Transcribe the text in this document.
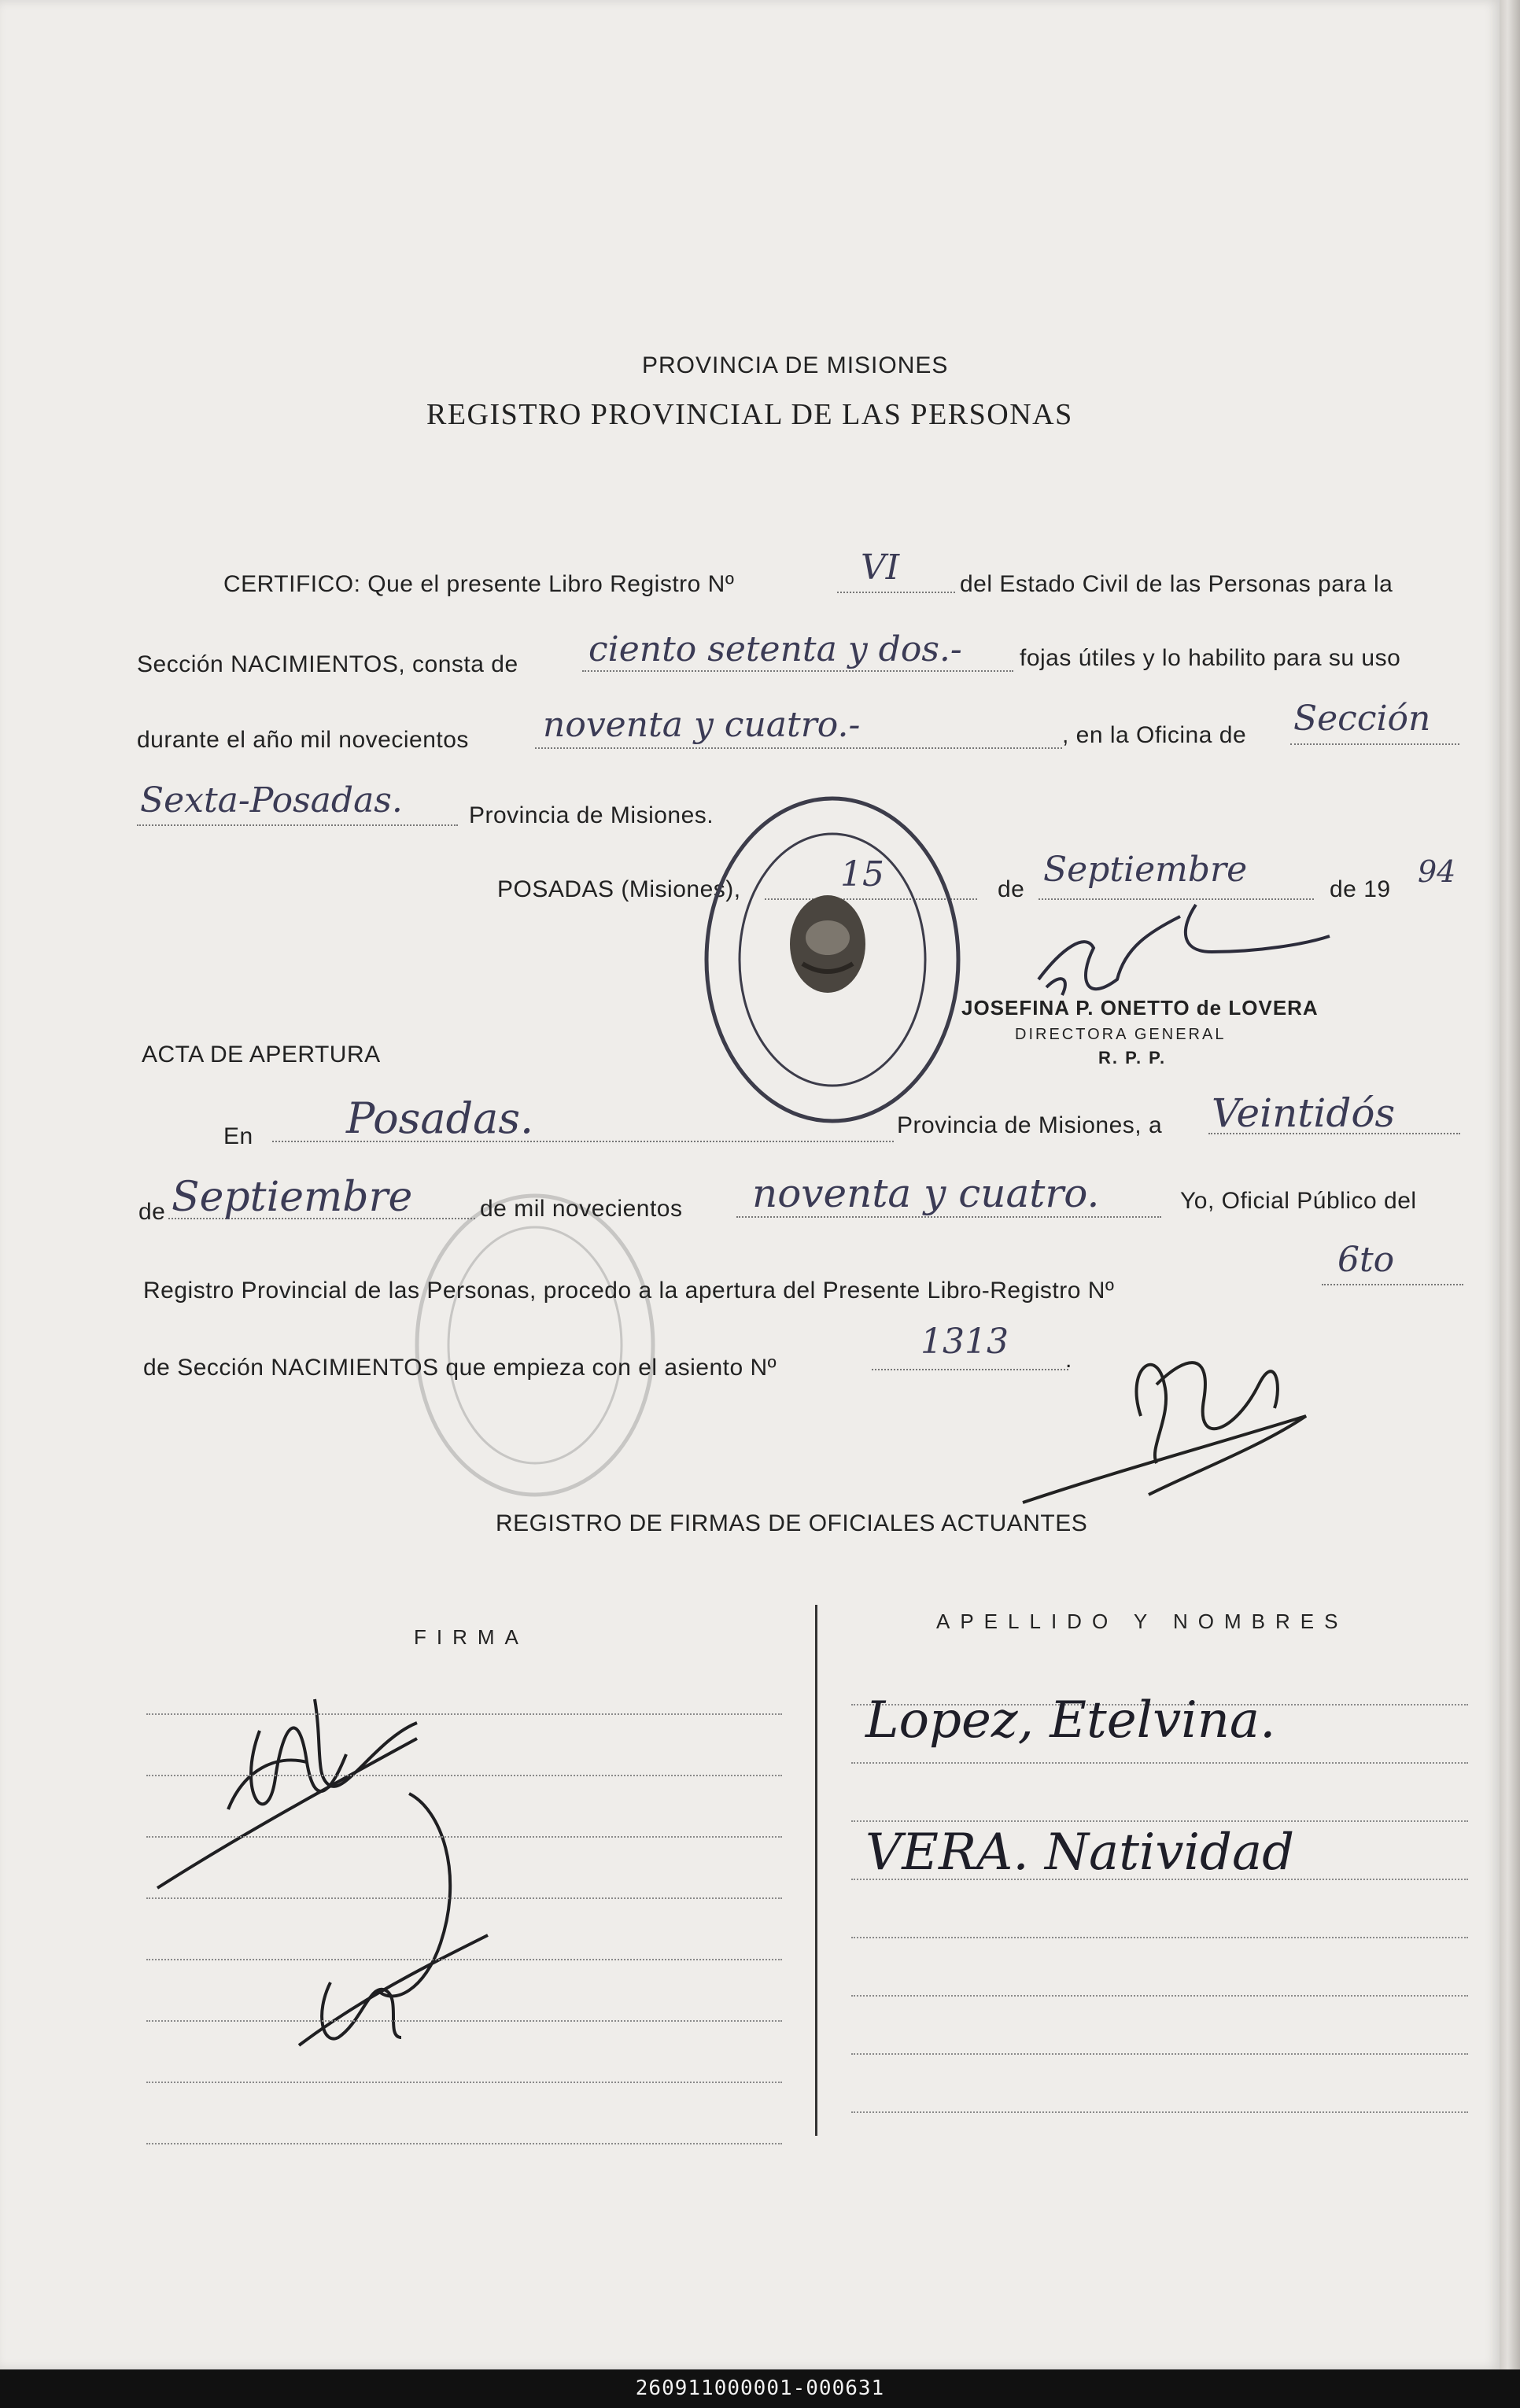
PROVINCIA DE MISIONES
REGISTRO PROVINCIAL DE LAS PERSONAS
CERTIFICO: Que el presente Libro Registro Nº	VI	del Estado Civil de las Personas para la
Sección NACIMIENTOS, consta de ciento setenta y dos.- fojas útiles y lo habilito para su uso
durante el año mil novecientos noventa y cuatro.-	, en la Oficina de Sección
Sexta-Posadas.	Provincia de Misiones.
POSADAS (Misiones),	15	de Septiembre	de 19
94
JOSEFINA P. ONETTO de LOVERA
DIRECTORA GENERAL
R. P. P.
ACTA DE APERTURA
En Posadas.	Provincia de Misiones, a Veintidós
de Septiembre	de mil novecientos noventa y cuatro.	Yo, Oficial Público del
Registro Provincial de las Personas, procedo a la apertura del Presente Libro-Registro Nº
6to
de Sección NACIMIENTOS que empieza con el asiento Nº
1313 .
REGISTRO DE FIRMAS DE OFICIALES ACTUANTES
FIRMA
APELLIDO Y NOMBRES
Lopez, Etelvina.
VERA. Natividad
260911000001-000631
